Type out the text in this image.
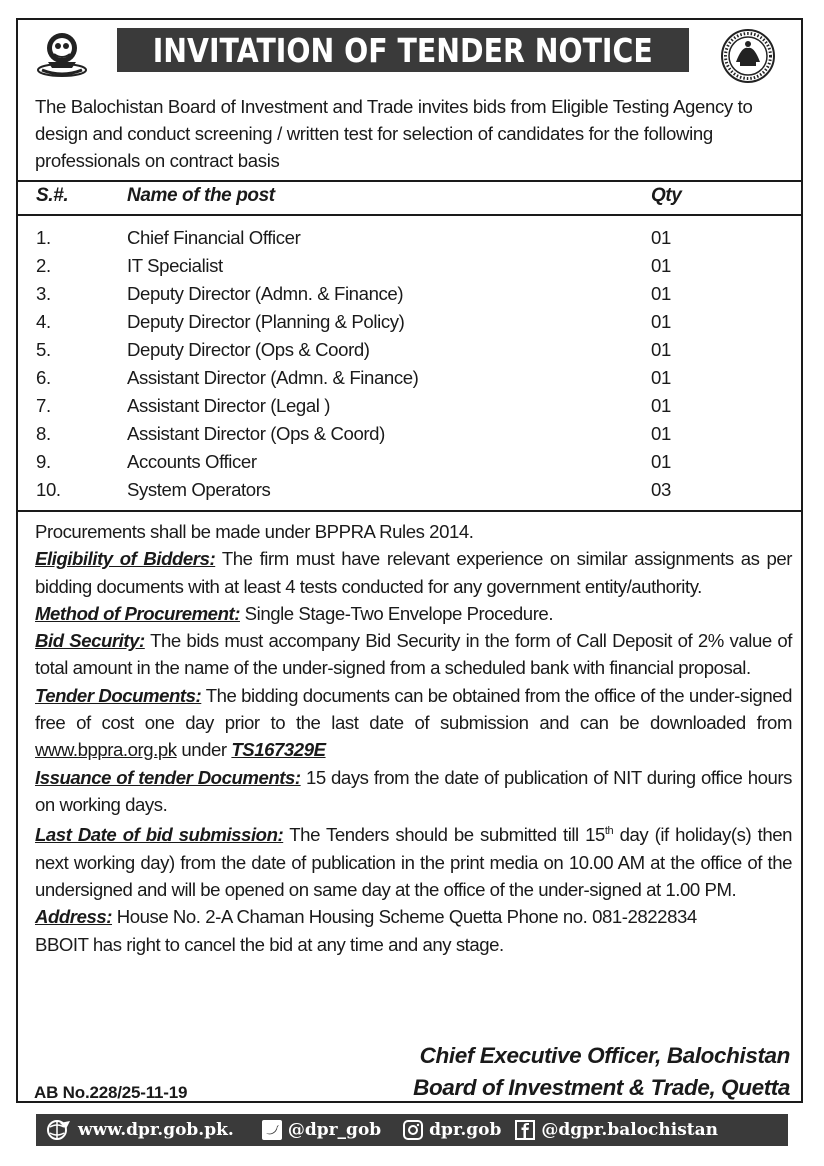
INVITATION OF TENDER NOTICE
The Balochistan Board of Investment and Trade invites bids from Eligible Testing Agency to design and conduct screening / written test for selection of candidates for the following professionals on contract basis
S.#.	Name of the post	Qty
1.	Chief Financial Officer	01
2.	IT Specialist	01
3.	Deputy Director (Admn. & Finance)	01
4.	Deputy Director (Planning & Policy)	01
5.	Deputy Director (Ops & Coord)	01
6.	Assistant Director (Admn. & Finance)	01
7.	Assistant Director (Legal )	01
8.	Assistant Director (Ops & Coord)	01
9.	Accounts Officer	01
10.	System Operators	03

Procurements shall be made under BPPRA Rules 2014.

Eligibility of Bidders: The firm must have relevant experience on similar assignments as per bidding documents with at least 4 tests conducted for any government entity/authority.

Method of Procurement: Single Stage-Two Envelope Procedure.

Bid Security: The bids must accompany Bid Security in the form of Call Deposit of 2% value of total amount in the name of the under-signed from a scheduled bank with financial proposal.

Tender Documents: The bidding documents can be obtained from the office of the under-signed free of cost one day prior to the last date of submission and can be downloaded from www.bppra.org.pk under TS167329E

Issuance of tender Documents: 15 days from the date of publication of NIT during office hours on working days.

Last Date of bid submission: The Tenders should be submitted till 15th day (if holiday(s) then next working day) from the date of publication in the print media on 10.00 AM at the office of the undersigned and will be opened on same day at the office of the under-signed at 1.00 PM.

Address: House No. 2-A Chaman Housing Scheme Quetta Phone no. 081-2822834

BBOIT has right to cancel the bid at any time and any stage.

Chief Executive Officer, Balochistan
Board of Investment & Trade, Quetta
AB No.228/25-11-19
www.dpr.gob.pk.	@dpr_gob	dpr.gob @dgpr.balochistan
